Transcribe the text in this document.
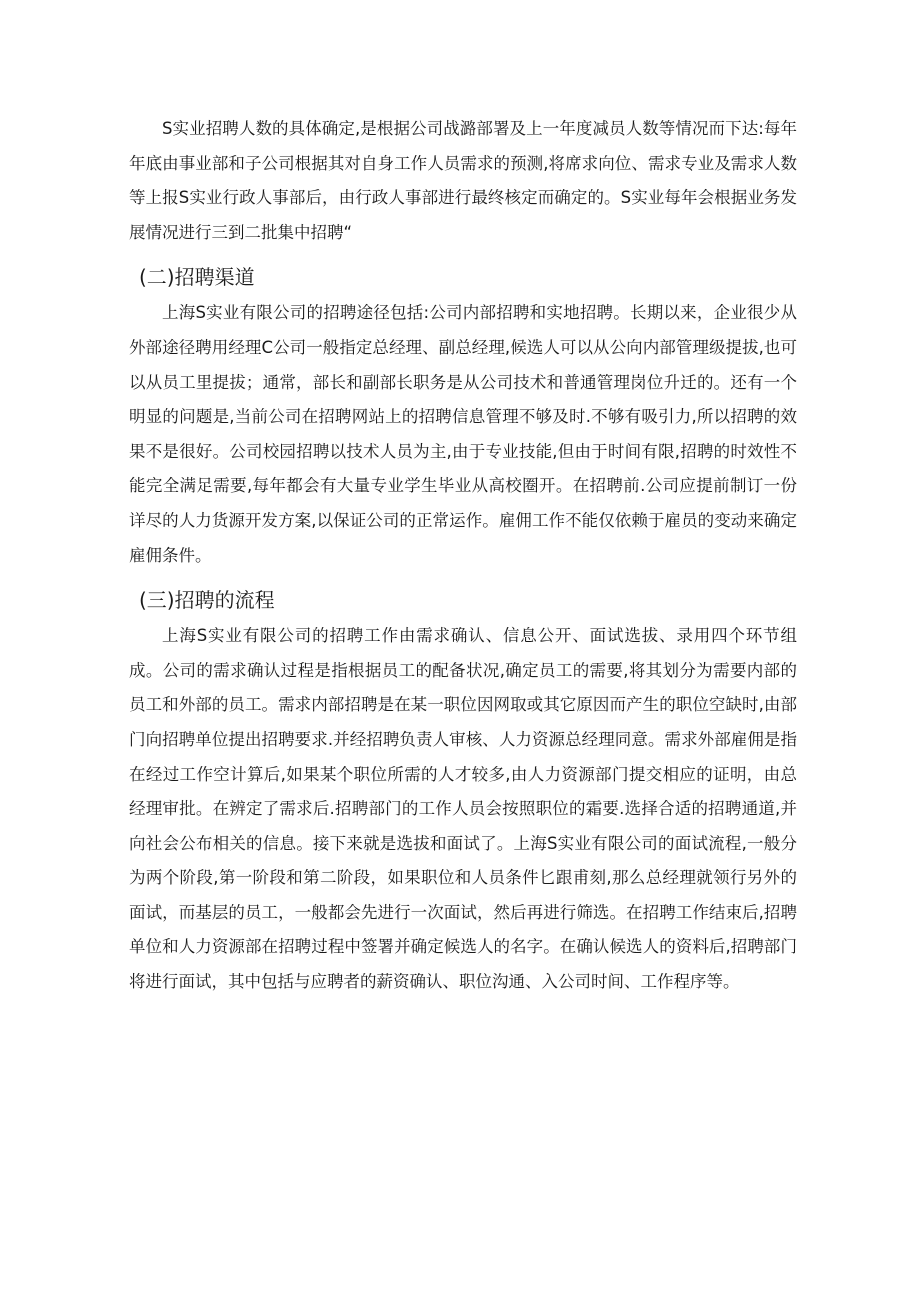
S实业招聘人数的具体确定,是根据公司战潞部署及上一年度减员人数等情况而下达:每年年底由事业部和子公司根据其对自身工作人员需求的预测,将席求向位、需求专业及需求人数等上报S实业行政人事部后，由行政人事部进行最终核定而确定的。S实业每年会根据业务发展情况进行三到二批集中招聘“

(二)招聘渠道

上海S实业有限公司的招聘途径包括:公司内部招聘和实地招聘。长期以来，企业很少从外部途径聘用经理C公司一般指定总经理、副总经理,候选人可以从公向内部管理级提拔,也可以从员工里提拔；通常，部长和副部长职务是从公司技术和普通管理岗位升迁的。还有一个明显的问题是,当前公司在招聘网站上的招聘信息管理不够及时.不够有吸引力,所以招聘的效果不是很好。公司校园招聘以技术人员为主,由于专业技能,但由于时间有限,招聘的时效性不能完全满足需要,每年都会有大量专业学生毕业从高校圈开。在招聘前.公司应提前制订一份详尽的人力货源开发方案,以保证公司的正常运作。雇佣工作不能仅依赖于雇员的变动来确定雇佣条件。

(三)招聘的流程

上海S实业有限公司的招聘工作由需求确认、信息公开、面试选拔、录用四个环节组成。公司的需求确认过程是指根据员工的配备状况,确定员工的需要,将其划分为需要内部的员工和外部的员工。需求内部招聘是在某一职位因网取或其它原因而产生的职位空缺时,由部门向招聘单位提出招聘要求.并经招聘负责人审核、人力资源总经理同意。需求外部雇佣是指在经过工作空计算后,如果某个职位所需的人才较多,由人力资源部门提交相应的证明，由总经理审批。在辨定了需求后.招聘部门的工作人员会按照职位的霜要.选择合适的招聘通道,并向社会公布相关的信息。接下来就是选拔和面试了。上海S实业有限公司的面试流程,一般分为两个阶段,第一阶段和第二阶段，如果职位和人员条件匕跟甫刻,那么总经理就领行另外的面试，而基层的员工，一般都会先进行一次面试，然后再进行筛选。在招聘工作结束后,招聘单位和人力资源部在招聘过程中签署并确定候选人的名字。在确认候选人的资料后,招聘部门将进行面试，其中包括与应聘者的薪资确认、职位沟通、入公司时间、工作程序等。
